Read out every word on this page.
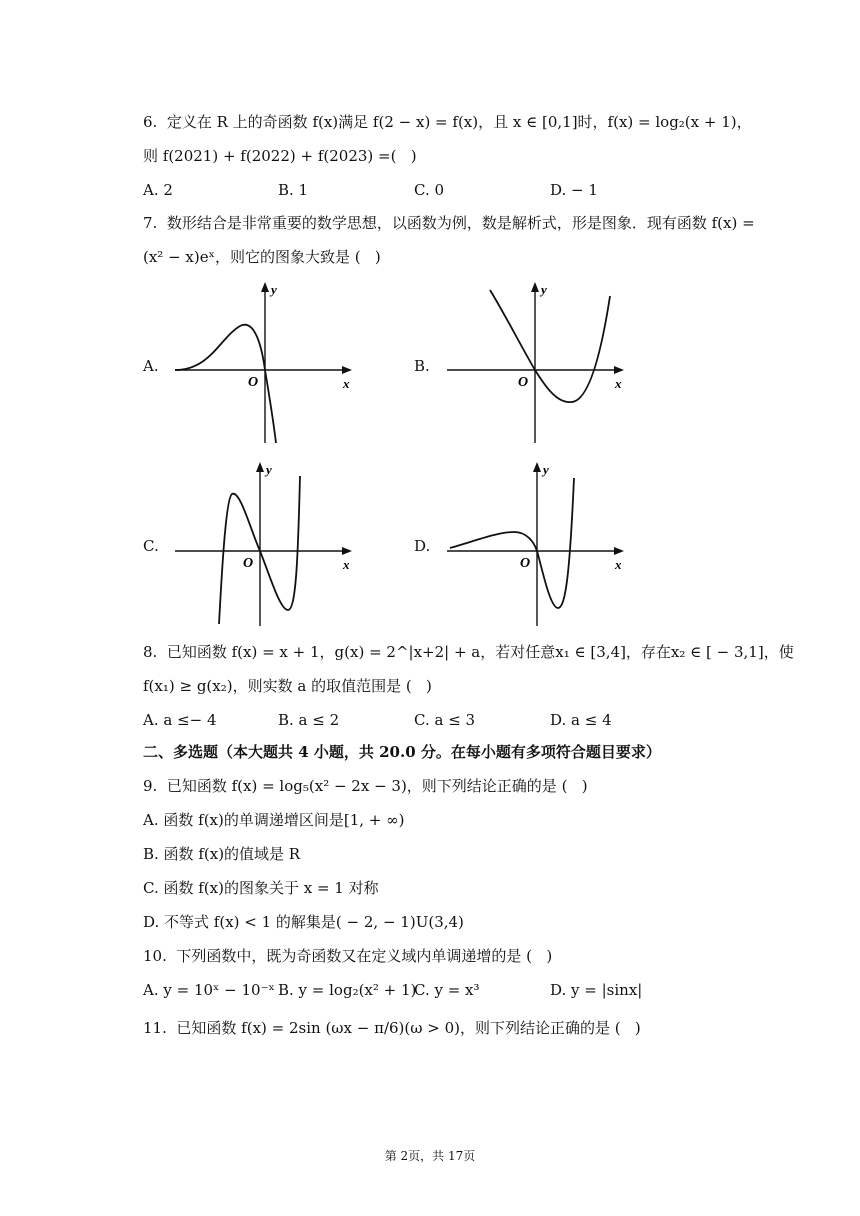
6.  定义在 R 上的奇函数 f(x)满足 f(2 − x) = f(x)，且 x ∈ [0,1]时，f(x) = log₂(x + 1)，
则 f(2021) + f(2022) + f(2023) =(   )
A. 2	B. 1	C. 0	D. − 1
7.  数形结合是非常重要的数学思想，以函数为例，数是解析式，形是图象．现有函数 f(x) =
(x² − x)eˣ，则它的图象大致是 (   )
A.
O	x
y
B.
O	x
y
C.
O	x
y
D.
O	x
y
8.  已知函数 f(x) = x + 1，g(x) = 2^|x+2| + a，若对任意x₁ ∈ [3,4]，存在x₂ ∈ [ − 3,1]，使
f(x₁) ≥ g(x₂)，则实数 a 的取值范围是 (   )
A. a ≤− 4	B. a ≤ 2	C. a ≤ 3	D. a ≤ 4
二、多选题（本大题共 4 小题，共 20.0 分。在每小题有多项符合题目要求）
9.  已知函数 f(x) = log₅(x² − 2x − 3)，则下列结论正确的是 (   )
A. 函数 f(x)的单调递增区间是[1, + ∞)
B. 函数 f(x)的值域是 R
C. 函数 f(x)的图象关于 x = 1 对称
D. 不等式 f(x) < 1 的解集是( − 2, − 1)U(3,4)
10.  下列函数中，既为奇函数又在定义域内单调递增的是 (   )
A. y = 10ˣ − 10⁻ˣ B. y = log₂(x² + 1)
C. y = x³	D. y = |sinx|
11.  已知函数 f(x) = 2sin (ωx − π/6)(ω > 0)，则下列结论正确的是 (   )
第 2页，共 17页
